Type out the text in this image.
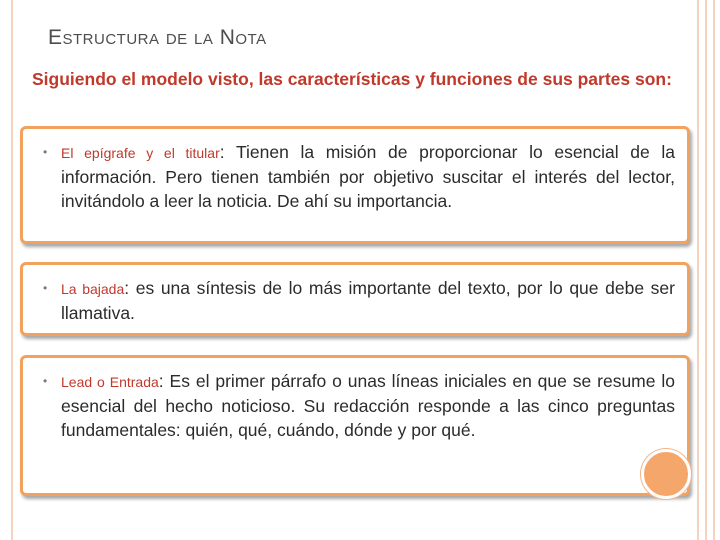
Estructura de la Nota
Siguiendo el modelo visto, las características y funciones de sus partes son:
• El epígrafe y el titular: Tienen la misión de proporcionar lo esencial de la información. Pero tienen también por objetivo suscitar el interés del lector, invitándolo a leer la noticia. De ahí su importancia.
• La bajada: es una síntesis de lo más importante del texto, por lo que debe ser llamativa.
• Lead o Entrada: Es el primer párrafo o unas líneas iniciales en que se resume lo esencial del hecho noticioso. Su redacción responde a las cinco preguntas fundamentales: quién, qué, cuándo, dónde y por qué.
